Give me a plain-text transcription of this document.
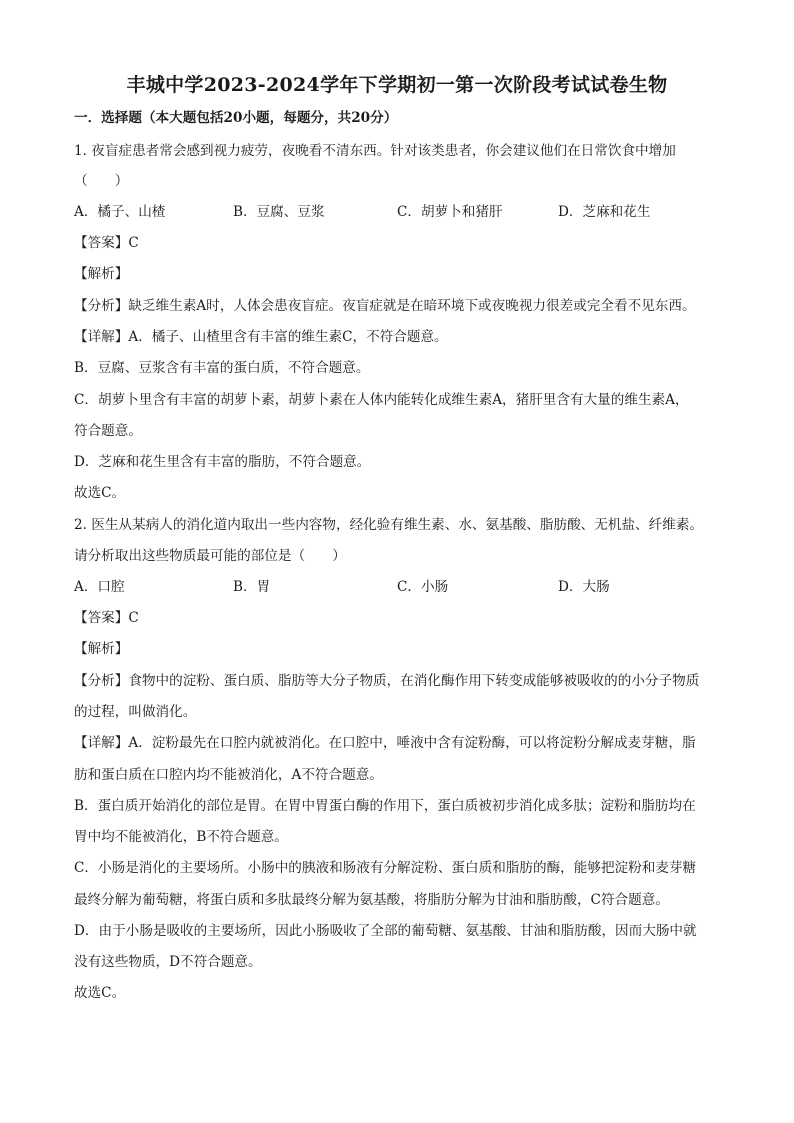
丰城中学2023-2024学年下学期初一第一次阶段考试试卷生物
一．选择题（本大题包括20小题，每题分，共20分）
1. 夜盲症患者常会感到视力疲劳，夜晚看不清东西。针对该类患者，你会建议他们在日常饮食中增加
（　　）
A．橘子、山楂	B．豆腐、豆浆	C．胡萝卜和猪肝	D．芝麻和花生
【答案】C
【解析】
【分析】缺乏维生素A时，人体会患夜盲症。夜盲症就是在暗环境下或夜晚视力很差或完全看不见东西。
【详解】A．橘子、山楂里含有丰富的维生素C，不符合题意。
B．豆腐、豆浆含有丰富的蛋白质，不符合题意。
C．胡萝卜里含有丰富的胡萝卜素，胡萝卜素在人体内能转化成维生素A，猪肝里含有大量的维生素A，
符合题意。
D．芝麻和花生里含有丰富的脂肪，不符合题意。
故选C。
2. 医生从某病人的消化道内取出一些内容物，经化验有维生素、水、氨基酸、脂肪酸、无机盐、纤维素。
请分析取出这些物质最可能的部位是（　　）
A．口腔	B．胃	C．小肠	D．大肠
【答案】C
【解析】
【分析】食物中的淀粉、蛋白质、脂肪等大分子物质，在消化酶作用下转变成能够被吸收的的小分子物质
的过程，叫做消化。
【详解】A．淀粉最先在口腔内就被消化。在口腔中，唾液中含有淀粉酶，可以将淀粉分解成麦芽糖，脂
肪和蛋白质在口腔内均不能被消化，A不符合题意。
B．蛋白质开始消化的部位是胃。在胃中胃蛋白酶的作用下，蛋白质被初步消化成多肽；淀粉和脂肪均在
胃中均不能被消化，B不符合题意。
C．小肠是消化的主要场所。小肠中的胰液和肠液有分解淀粉、蛋白质和脂肪的酶，能够把淀粉和麦芽糖
最终分解为葡萄糖，将蛋白质和多肽最终分解为氨基酸，将脂肪分解为甘油和脂肪酸，C符合题意。
D．由于小肠是吸收的主要场所，因此小肠吸收了全部的葡萄糖、氨基酸、甘油和脂肪酸，因而大肠中就
没有这些物质，D不符合题意。
故选C。
